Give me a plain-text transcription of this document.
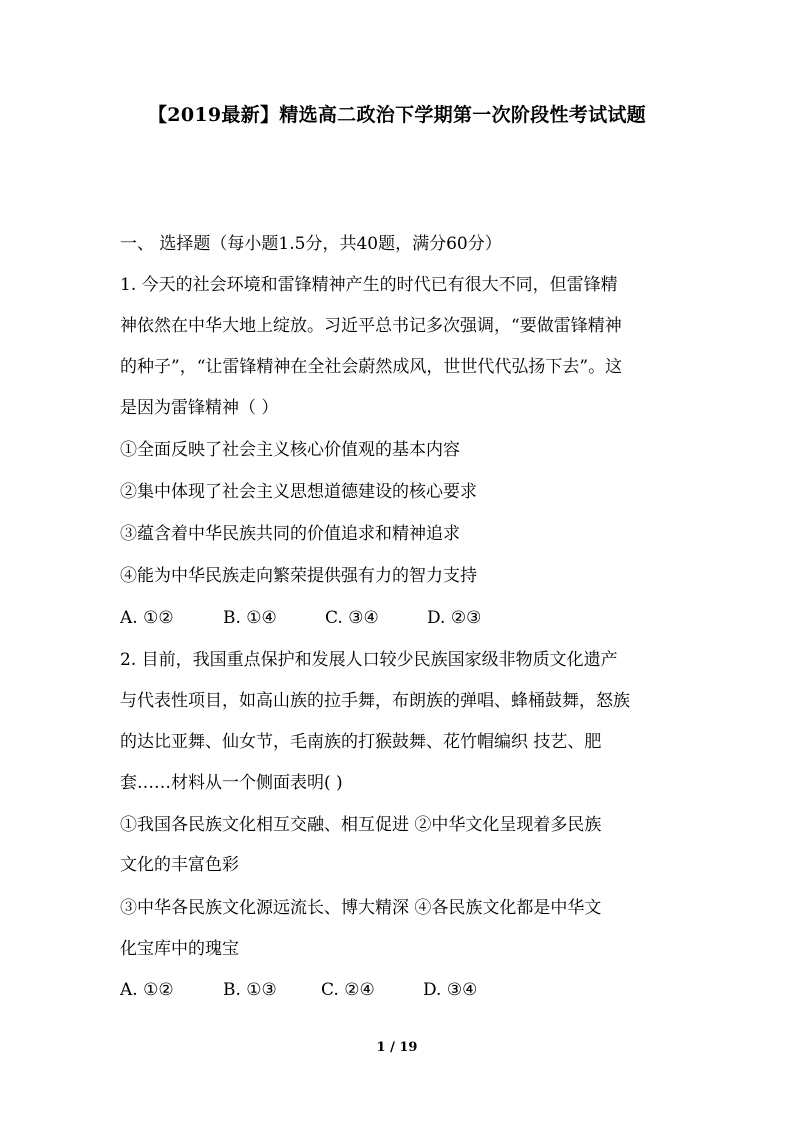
【2019最新】精选高二政治下学期第一次阶段性考试试题
一、 选择题（每小题1.5分，共40题，满分60分）
1. 今天的社会环境和雷锋精神产生的时代已有很大不同，但雷锋精
神依然在中华大地上绽放。习近平总书记多次强调，“要做雷锋精神
的种子”，“让雷锋精神在全社会蔚然成风，世世代代弘扬下去”。这
是因为雷锋精神（ ）
①全面反映了社会主义核心价值观的基本内容
②集中体现了社会主义思想道德建设的核心要求
③蕴含着中华民族共同的价值追求和精神追求
④能为中华民族走向繁荣提供强有力的智力支持
A. ①②	B. ①④	C. ③④	D. ②③
2. 目前，我国重点保护和发展人口较少民族国家级非物质文化遗产
与代表性项目，如高山族的拉手舞，布朗族的弹唱、蜂桶鼓舞，怒族
的达比亚舞、仙女节，毛南族的打猴鼓舞、花竹帽编织 技艺、肥
套……材料从一个侧面表明( )
①我国各民族文化相互交融、相互促进 ②中华文化呈现着多民族
文化的丰富色彩
③中华各民族文化源远流长、博大精深 ④各民族文化都是中华文
化宝库中的瑰宝
A. ①②	B. ①③	C. ②④	D. ③④
1 / 19
